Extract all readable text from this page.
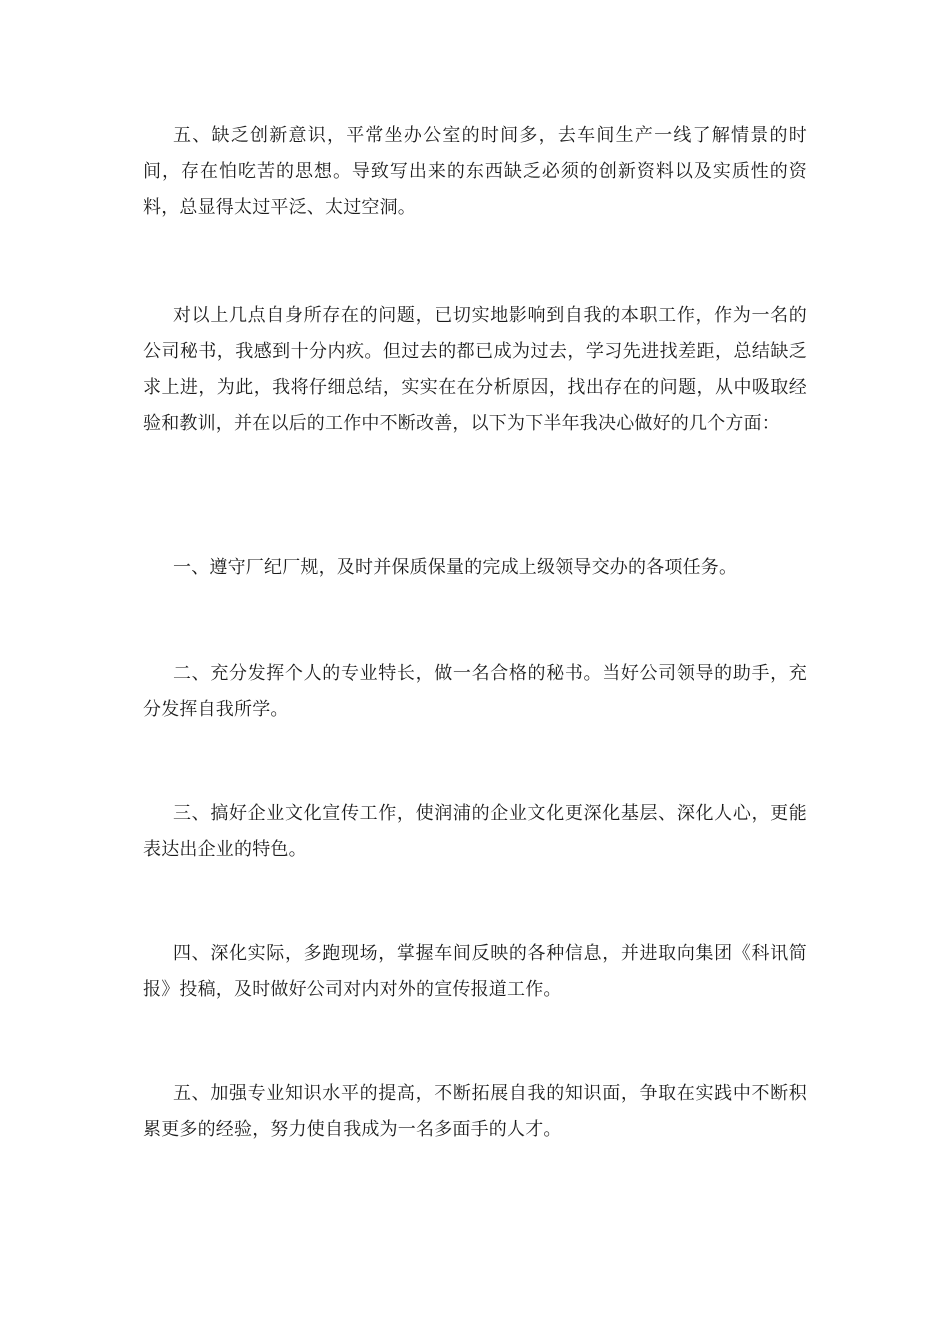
五、缺乏创新意识，平常坐办公室的时间多，去车间生产一线了解情景的时间，存在怕吃苦的思想。导致写出来的东西缺乏必须的创新资料以及实质性的资料，总显得太过平泛、太过空洞。

对以上几点自身所存在的问题，已切实地影响到自我的本职工作，作为一名的公司秘书，我感到十分内疚。但过去的都已成为过去，学习先进找差距，总结缺乏求上进，为此，我将仔细总结，实实在在分析原因，找出存在的问题，从中吸取经验和教训，并在以后的工作中不断改善，以下为下半年我决心做好的几个方面：

一、遵守厂纪厂规，及时并保质保量的完成上级领导交办的各项任务。

二、充分发挥个人的专业特长，做一名合格的秘书。当好公司领导的助手，充分发挥自我所学。

三、搞好企业文化宣传工作，使润浦的企业文化更深化基层、深化人心，更能表达出企业的特色。

四、深化实际，多跑现场，掌握车间反映的各种信息，并进取向集团《科讯简报》投稿，及时做好公司对内对外的宣传报道工作。

五、加强专业知识水平的提高，不断拓展自我的知识面，争取在实践中不断积累更多的经验，努力使自我成为一名多面手的人才。
